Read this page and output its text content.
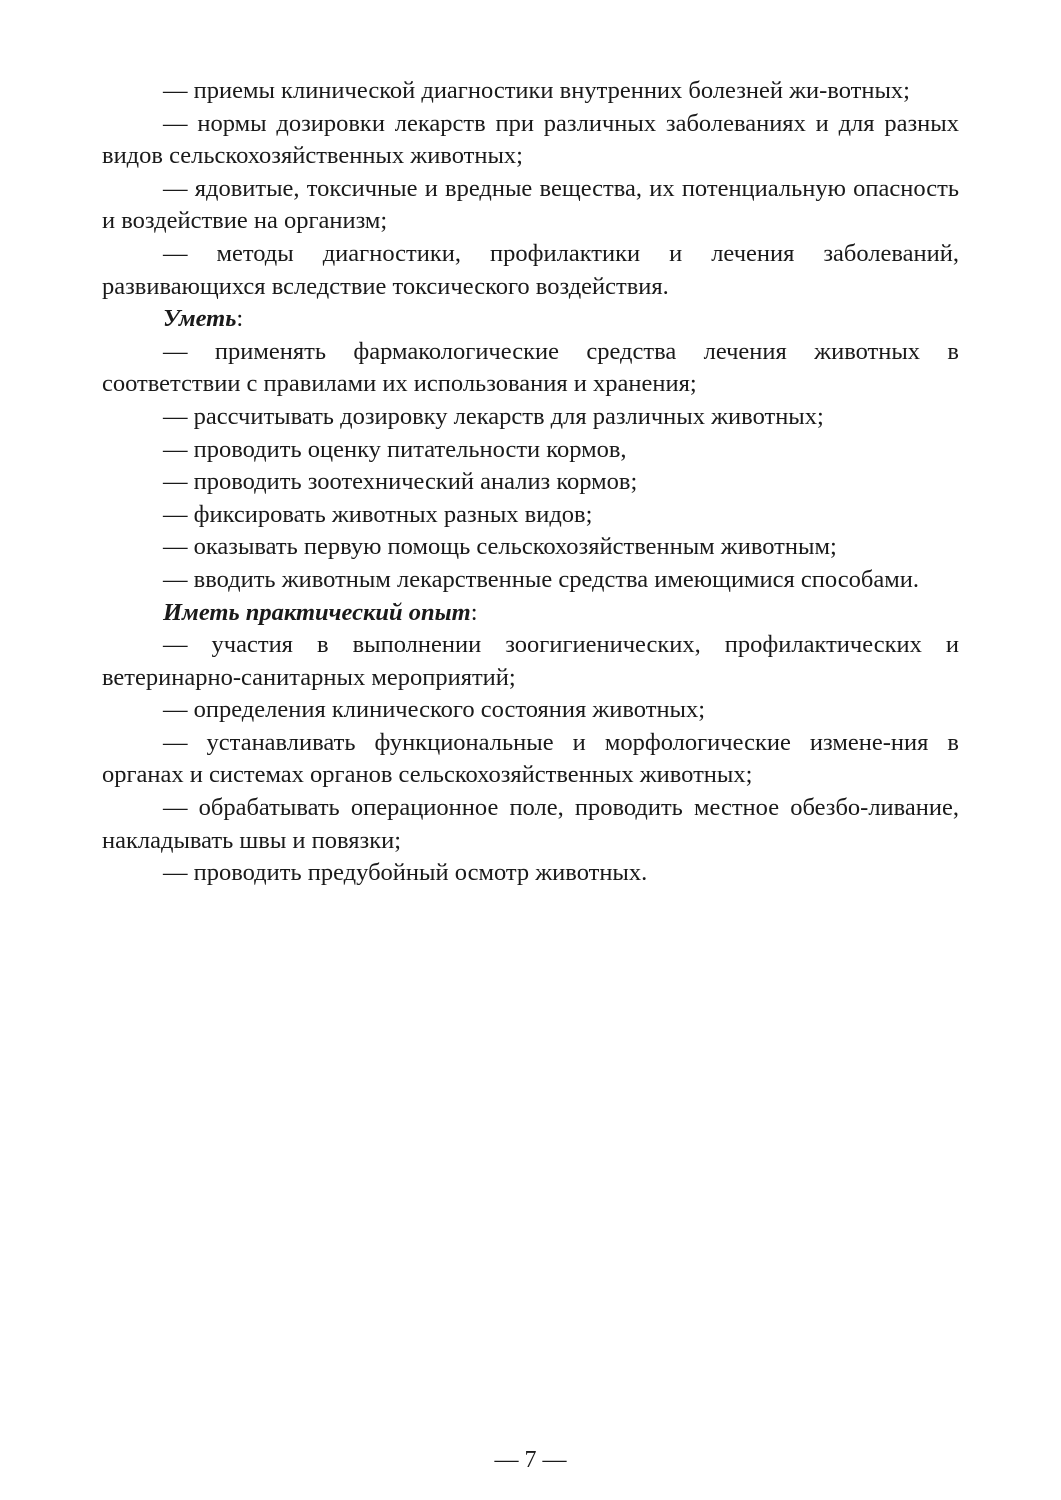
— приемы клинической диагностики внутренних болезней жи-вотных;

— нормы дозировки лекарств при различных заболеваниях и для разных видов сельскохозяйственных животных;

— ядовитые, токсичные и вредные вещества, их потенциальную опасность и воздействие на организм;

— методы диагностики, профилактики и лечения заболеваний, развивающихся вследствие токсического воздействия.

Уметь:

— применять фармакологические средства лечения животных в соответствии с правилами их использования и хранения;

— рассчитывать дозировку лекарств для различных животных;

— проводить оценку питательности кормов,

— проводить зоотехнический анализ кормов;

— фиксировать животных разных видов;

— оказывать первую помощь сельскохозяйственным животным;

— вводить животным лекарственные средства имеющимися способами.

Иметь практический опыт:

— участия в выполнении зоогигиенических, профилактических и ветеринарно-санитарных мероприятий;

— определения клинического состояния животных;

— устанавливать функциональные и морфологические измене-ния в органах и системах органов сельскохозяйственных животных;

— обрабатывать операционное поле, проводить местное обезбо-ливание, накладывать швы и повязки;

— проводить предубойный осмотр животных.

— 7 —
